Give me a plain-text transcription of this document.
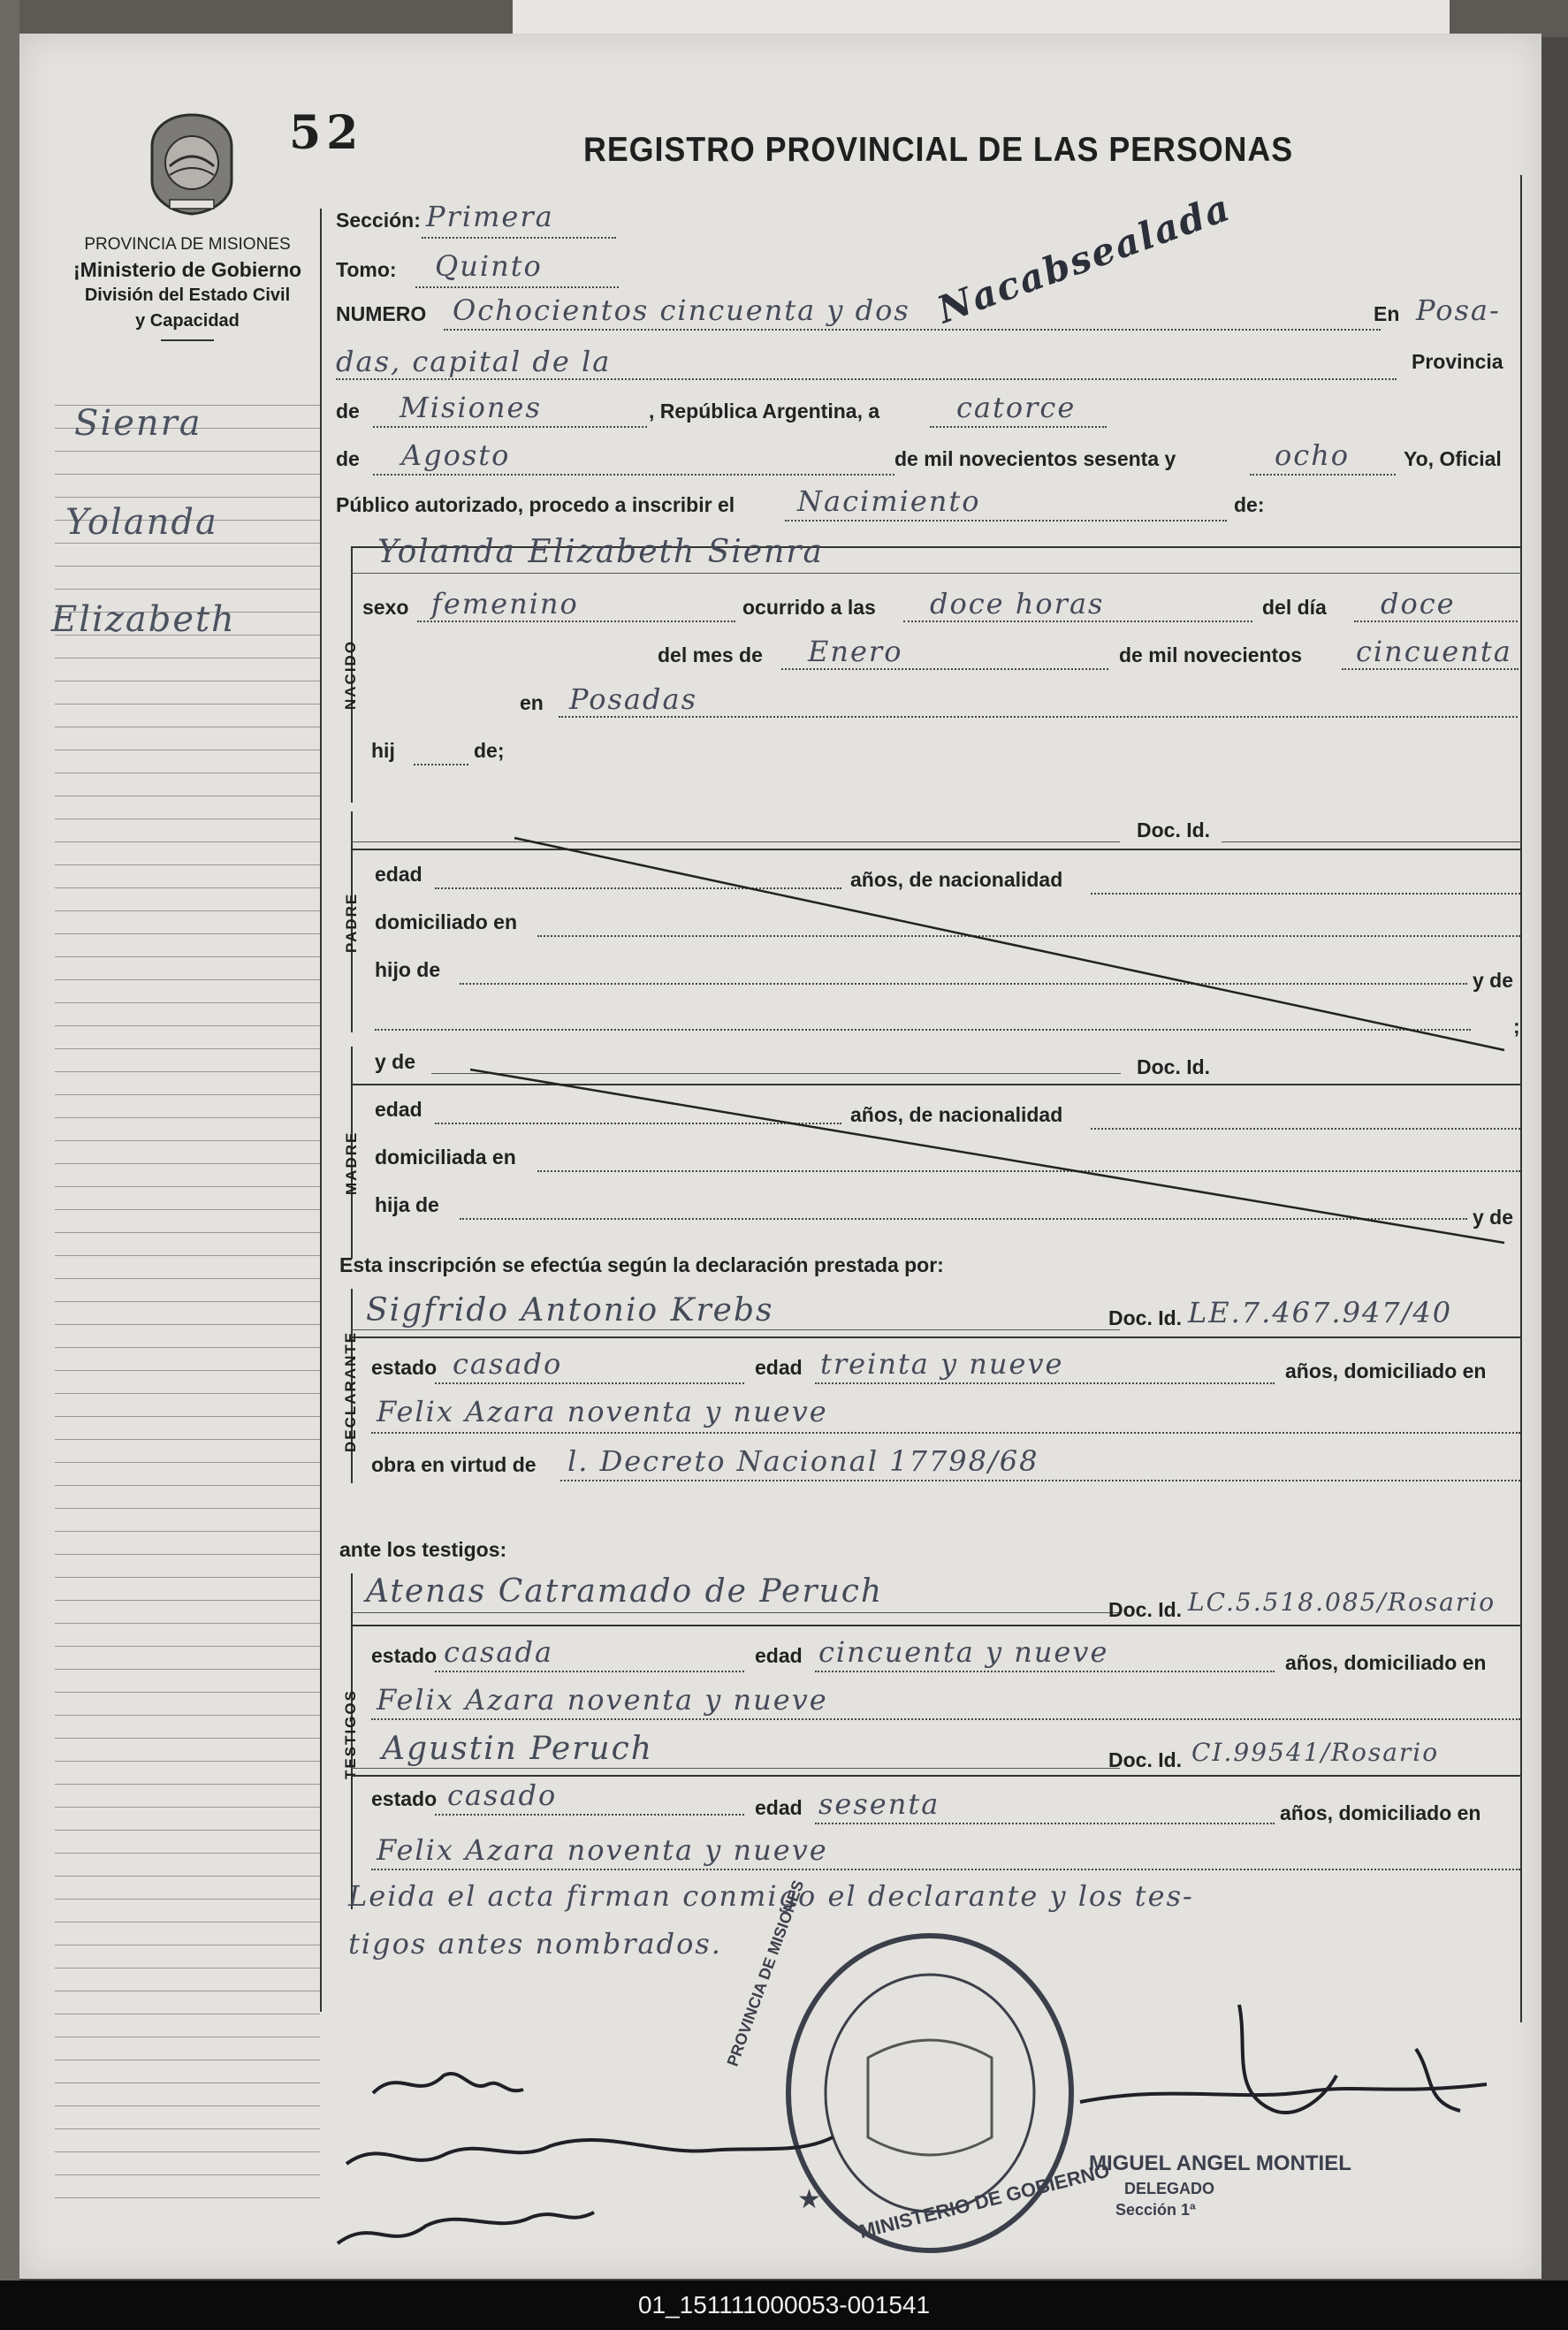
52	REGISTRO PROVINCIAL DE LAS PERSONAS
PROVINCIA DE MISIONES
¡Ministerio de Gobierno
División del Estado Civil
y Capacidad
Sienra
Yolanda
Elizabeth
Sección: Primera
Tomo: Quinto
NUMERO Ochocientos cincuenta y dos Nacabsealada	En Posa-
das, capital de la	Provincia
de Misiones	, República Argentina, a	catorce
de Agosto	de mil novecientos sesenta y	ocho	Yo, Oficial
Público autorizado, procedo a inscribir el Nacimiento	de:
NACIDO
Yolanda Elizabeth Sienra
sexo femenino	ocurrido a las doce horas	del día doce
del mes de Enero	de mil novecientos cincuenta
en Posadas
hij	de;
PADRE
Doc. Id.
edad	años, de nacionalidad
domiciliado en
hijo de	y de
;
MADRE
y de	Doc. Id.
edad	años, de nacionalidad
domiciliada en
hija de
y de
Esta inscripción se efectúa según la declaración prestada por:
DECLARANTE
Sigfrido Antonio Krebs	Doc. Id. LE.7.467.947/40
estado casado	edad treinta y nueve	años, domiciliado en
Felix Azara noventa y nueve
obra en virtud de l. Decreto Nacional 17798/68
ante los testigos:
TESTIGOS
Atenas Catramado de Peruch	Doc. Id. LC.5.518.085/Rosario
estado casada	edad cincuenta y nueve	años, domiciliado en
Felix Azara noventa y nueve
Agustin Peruch	Doc. Id. CI.99541/Rosario
estado casado	edad sesenta	años, domiciliado en
Felix Azara noventa y nueve
Leida el acta firman conmigo el declarante y los tes-
tigos antes nombrados.
MINISTERIO DE GOBIERNO
PROVINCIA DE MISIONES
★
MIGUEL ANGEL MONTIEL
DELEGADO
Sección 1ª
01_151111000053-001541
